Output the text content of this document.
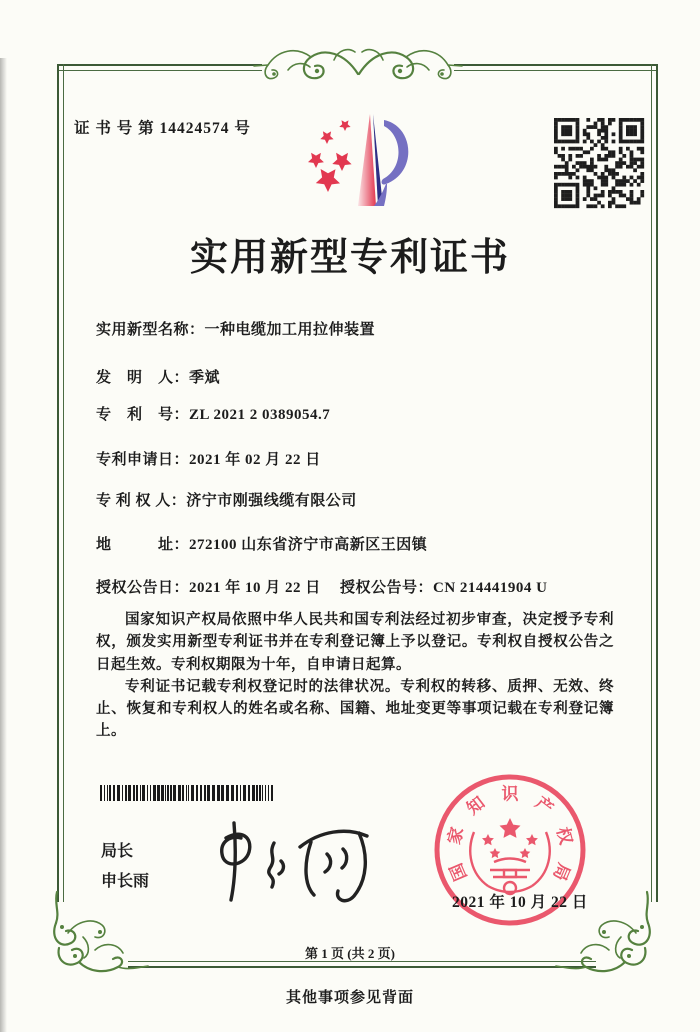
证 书 号 第 14424574 号
实用新型专利证书
实用新型名称：一种电缆加工用拉伸装置
发　明　人：季斌
专　利　号：ZL 2021 2 0389054.7
专利申请日：2021 年 02 月 22 日
专 利 权 人：济宁市刚强线缆有限公司
地　　　址：272100 山东省济宁市高新区王因镇
授权公告日：2021 年 10 月 22 日 授权公告号：CN 214441904 U

国家知识产权局依照中华人民共和国专利法经过初步审查，决定授予专利权，颁发实用新型专利证书并在专利登记簿上予以登记。专利权自授权公告之日起生效。专利权期限为十年，自申请日起算。

专利证书记载专利权登记时的法律状况。专利权的转移、质押、无效、终止、恢复和专利权人的姓名或名称、国籍、地址变更等事项记载在专利登记簿上。

局长
申长雨	国
家
知 识 产
权
局
2021 年 10 月 22 日
第 1 页 (共 2 页)
其他事项参见背面
